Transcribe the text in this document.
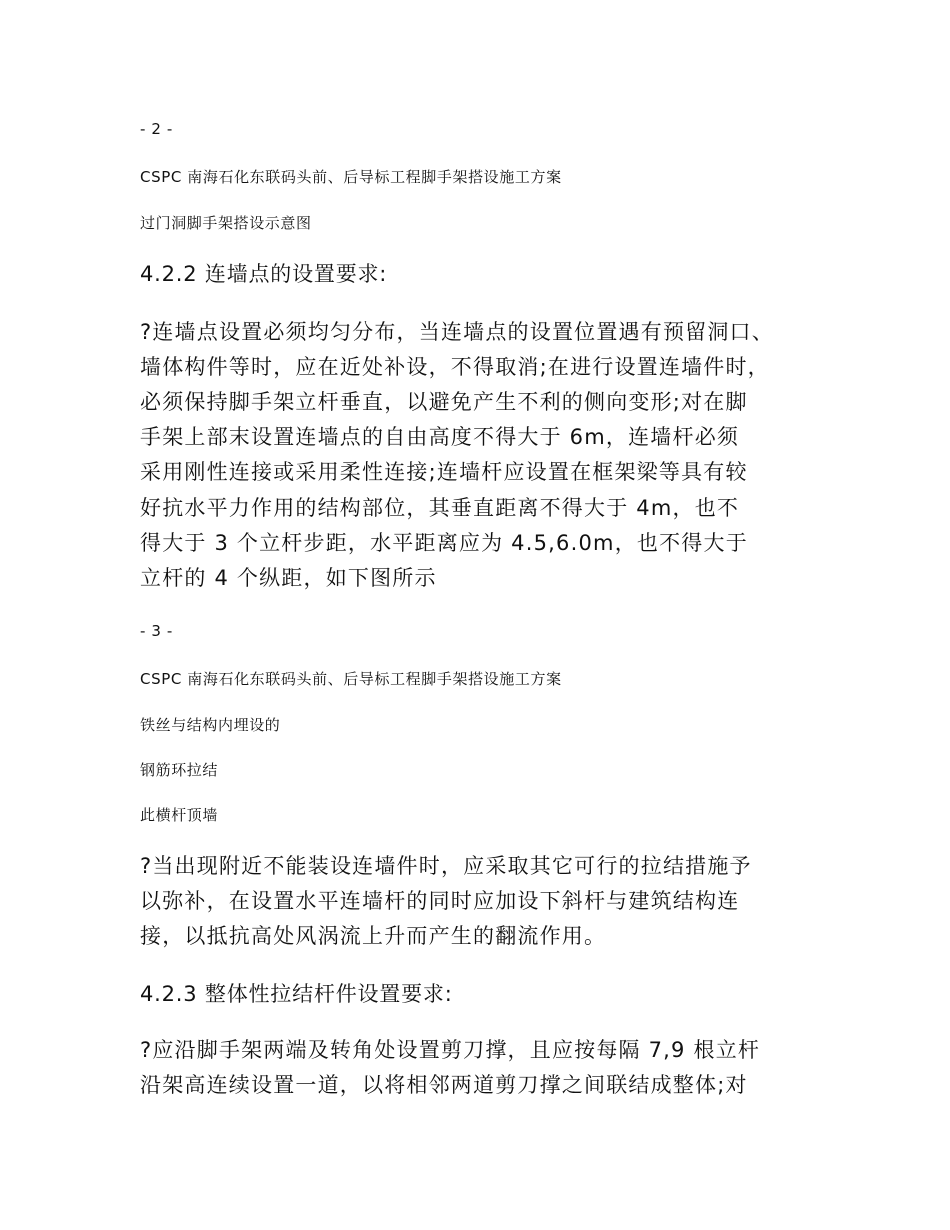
- 2 -
CSPC 南海石化东联码头前、后导标工程脚手架搭设施工方案
过门洞脚手架搭设示意图
4.2.2 连墙点的设置要求:
?连墙点设置必须均匀分布，当连墙点的设置位置遇有预留洞口、
墙体构件等时，应在近处补设，不得取消;在进行设置连墙件时，
必须保持脚手架立杆垂直，以避免产生不利的侧向变形;对在脚
手架上部末设置连墙点的自由高度不得大于 6m，连墙杆必须
采用刚性连接或采用柔性连接;连墙杆应设置在框架梁等具有较
好抗水平力作用的结构部位，其垂直距离不得大于 4m，也不
得大于 3 个立杆步距，水平距离应为 4.5,6.0m，也不得大于
立杆的 4 个纵距，如下图所示
- 3 -
CSPC 南海石化东联码头前、后导标工程脚手架搭设施工方案
铁丝与结构内埋设的
钢筋环拉结
此横杆顶墙
?当出现附近不能装设连墙件时，应采取其它可行的拉结措施予
以弥补，在设置水平连墙杆的同时应加设下斜杆与建筑结构连
接，以抵抗高处风涡流上升而产生的翻流作用。
4.2.3 整体性拉结杆件设置要求:
?应沿脚手架两端及转角处设置剪刀撑，且应按每隔 7,9 根立杆
沿架高连续设置一道，以将相邻两道剪刀撑之间联结成整体;对
